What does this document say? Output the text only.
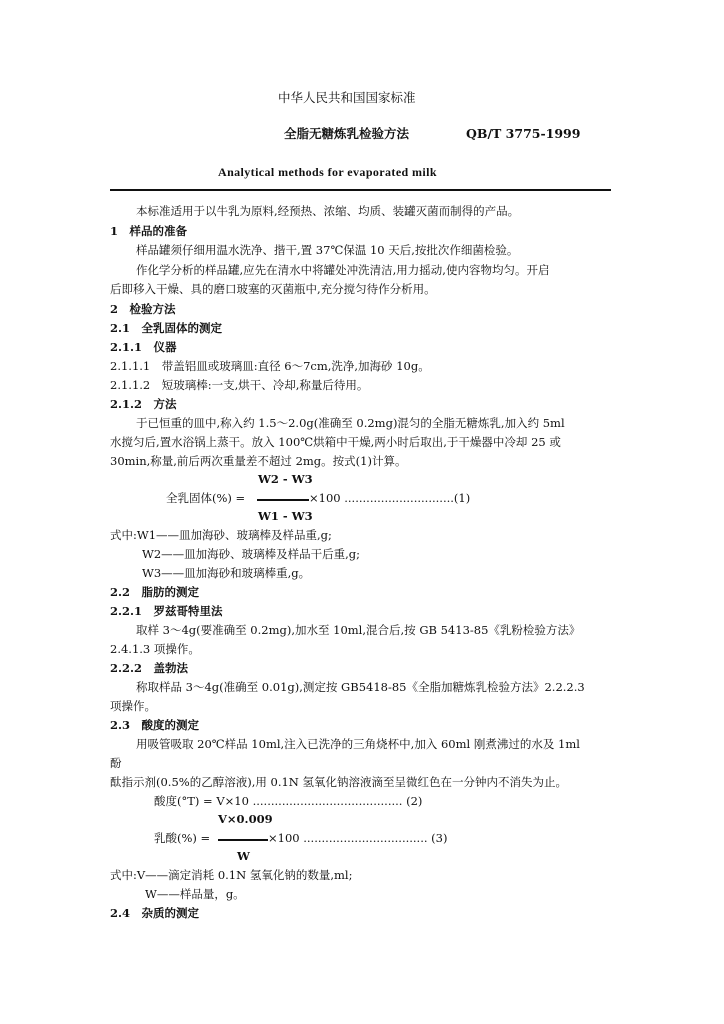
中华人民共和国国家标准
全脂无糖炼乳检验方法	QB/T 3775-1999
Analytical methods for evaporated milk
本标准适用于以牛乳为原料,经预热、浓缩、均质、装罐灭菌而制得的产品。
1　样品的准备
样品罐须仔细用温水洗净、揩干,置 37℃保温 10 天后,按批次作细菌检验。
作化学分析的样品罐,应先在清水中将罐处冲洗清洁,用力摇动,使内容物均匀。开启
后即移入干燥、具的磨口玻塞的灭菌瓶中,充分搅匀待作分析用。
2　检验方法
2.1　全乳固体的测定
2.1.1　仪器
2.1.1.1　带盖铝皿或玻璃皿:直径 6～7cm,洗净,加海砂 10g。
2.1.1.2　短玻璃棒:一支,烘干、冷却,称量后待用。
2.1.2　方法
于已恒重的皿中,称入约 1.5～2.0g(准确至 0.2mg)混匀的全脂无糖炼乳,加入约 5ml
水搅匀后,置水浴锅上蒸干。放入 100℃烘箱中干燥,两小时后取出,于干燥器中冷却 25 或
30min,称量,前后两次重量差不超过 2mg。按式(1)计算。
W2 - W3
全乳固体(%) =	×100 ..............................(1)
W1 - W3
式中:W1——皿加海砂、玻璃棒及样品重,g;
W2——皿加海砂、玻璃棒及样品干后重,g;
W3——皿加海砂和玻璃棒重,g。
2.2　脂肪的测定
2.2.1　罗兹哥特里法
取样 3～4g(要准确至 0.2mg),加水至 10ml,混合后,按 GB 5413-85《乳粉检验方法》
2.4.1.3 项操作。
2.2.2　盖勃法
称取样品 3～4g(准确至 0.01g),测定按 GB5418-85《全脂加糖炼乳检验方法》2.2.2.3
项操作。
2.3　酸度的测定
用吸管吸取 20℃样品 10ml,注入已洗净的三角烧杯中,加入 60ml 刚煮沸过的水及 1ml
酚
酞指示剂(0.5%的乙醇溶液),用 0.1N 氢氧化钠溶液滴至呈微红色在一分钟内不消失为止。
酸度(°T) = V×10 ......................................... (2)
V×0.009
乳酸(%) =	×100 .................................. (3)
W
式中:V——滴定消耗 0.1N 氢氧化钠的数量,ml;
W——样品量，g。
2.4　杂质的测定
